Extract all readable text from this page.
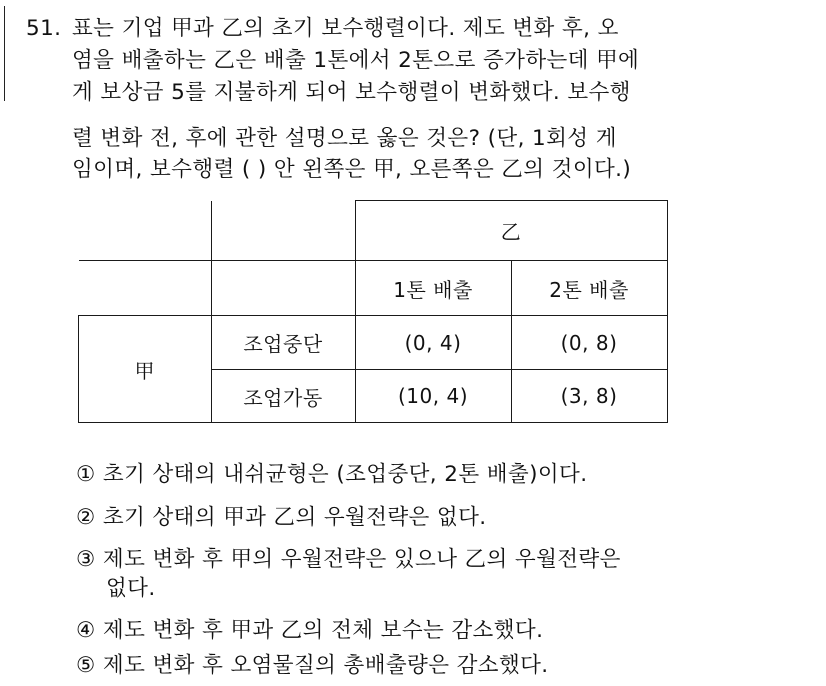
51. 표는 기업 甲과 乙의 초기 보수행렬이다. 제도 변화 후, 오
염을 배출하는 乙은 배출 1톤에서 2톤으로 증가하는데 甲에
게 보상금 5를 지불하게 되어 보수행렬이 변화했다. 보수행
렬 변화 전, 후에 관한 설명으로 옳은 것은? (단, 1회성 게
임이며, 보수행렬 ( ) 안 왼쪽은 甲, 오른쪽은 乙의 것이다.)
		乙	
		1톤 배출	2톤 배출
甲	조업중단	(0, 4)	(0, 8)
	조업가동	(10, 4)	(3, 8)
① 초기 상태의 내쉬균형은 (조업중단, 2톤 배출)이다.
② 초기 상태의 甲과 乙의 우월전략은 없다.
③ 제도 변화 후 甲의 우월전략은 있으나 乙의 우월전략은
없다.
④ 제도 변화 후 甲과 乙의 전체 보수는 감소했다.
⑤ 제도 변화 후 오염물질의 총배출량은 감소했다.
